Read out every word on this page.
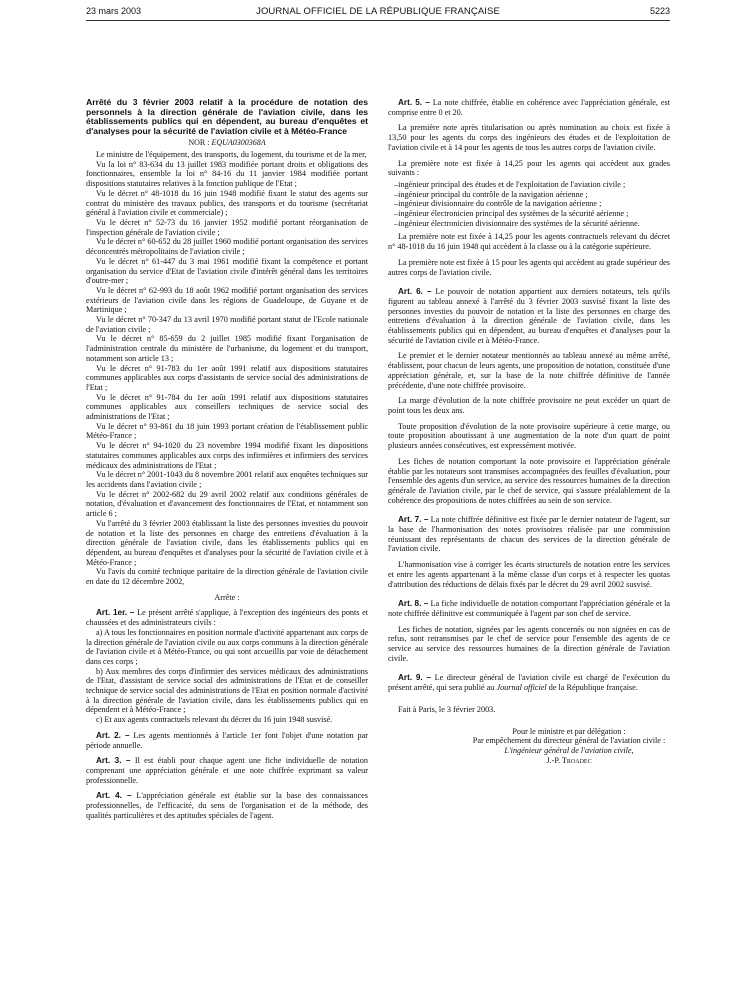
23 mars 2003	JOURNAL OFFICIEL DE LA RÉPUBLIQUE FRANÇAISE	5223

Arrêté du 3 février 2003 relatif à la procédure de notation des personnels à la direction générale de l'aviation civile, dans les établissements publics qui en dépendent, au bureau d'enquêtes et d'analyses pour la sécurité de l'aviation civile et à Météo-France

NOR : EQUA0300368A

Le ministre de l'équipement, des transports, du logement, du tourisme et de la mer,

Vu la loi n° 83-634 du 13 juillet 1983 modifiée portant droits et obligations des fonctionnaires, ensemble la loi n° 84-16 du 11 janvier 1984 modifiée portant dispositions statutaires relatives à la fonction publique de l'Etat ;

Vu le décret n° 48-1018 du 16 juin 1948 modifié fixant le statut des agents sur contrat du ministère des travaux publics, des transports et du tourisme (secrétariat général à l'aviation civile et commerciale) ;

Vu le décret n° 52-73 du 16 janvier 1952 modifié portant réorganisation de l'inspection générale de l'aviation civile ;

Vu le décret n° 60-652 du 28 juillet 1960 modifié portant organisation des services déconcentrés métropolitains de l'aviation civile ;

Vu le décret n° 61-447 du 3 mai 1961 modifié fixant la compétence et portant organisation du service d'Etat de l'aviation civile d'intérêt général dans les territoires d'outre-mer ;

Vu le décret n° 62-993 du 18 août 1962 modifié portant organisation des services extérieurs de l'aviation civile dans les régions de Guadeloupe, de Guyane et de Martinique ;

Vu le décret n° 70-347 du 13 avril 1970 modifié portant statut de l'Ecole nationale de l'aviation civile ;

Vu le décret n° 85-659 du 2 juillet 1985 modifié fixant l'organisation de l'administration centrale du ministère de l'urbanisme, du logement et du transport, notamment son article 13 ;

Vu le décret n° 91-783 du 1er août 1991 relatif aux dispositions statutaires communes applicables aux corps d'assistants de service social des administrations de l'Etat ;

Vu le décret n° 91-784 du 1er août 1991 relatif aux dispositions statutaires communes applicables aux conseillers techniques de service social des administrations de l'Etat ;

Vu le décret n° 93-861 du 18 juin 1993 portant création de l'établissement public Météo-France ;

Vu le décret n° 94-1020 du 23 novembre 1994 modifié fixant les dispositions statutaires communes applicables aux corps des infirmières et infirmiers des services médicaux des administrations de l'Etat ;

Vu le décret n° 2001-1043 du 8 novembre 2001 relatif aux enquêtes techniques sur les accidents dans l'aviation civile ;

Vu le décret n° 2002-682 du 29 avril 2002 relatif aux conditions générales de notation, d'évaluation et d'avancement des fonctionnaires de l'Etat, et notamment son article 6 ;

Vu l'arrêté du 3 février 2003 établissant la liste des personnes investies du pouvoir de notation et la liste des personnes en charge des entretiens d'évaluation à la direction générale de l'aviation civile, dans les établissements publics qui en dépendent, au bureau d'enquêtes et d'analyses pour la sécurité de l'aviation civile et à Météo-France ;

Vu l'avis du comité technique paritaire de la direction générale de l'aviation civile en date du 12 décembre 2002,

Arrête :

Art. 1er. – Le présent arrêté s'applique, à l'exception des ingénieurs des ponts et chaussées et des administrateurs civils :

a) A tous les fonctionnaires en position normale d'activité appartenant aux corps de la direction générale de l'aviation civile ou aux corps communs à la direction générale de l'aviation civile et à Météo-France, ou qui sont accueillis par voie de détachement dans ces corps ;

b) Aux membres des corps d'infirmier des services médicaux des administrations de l'Etat, d'assistant de service social des administrations de l'Etat et de conseiller technique de service social des administrations de l'Etat en position normale d'activité à la direction générale de l'aviation civile, dans les établissements publics qui en dépendent et à Météo-France ;

c) Et aux agents contractuels relevant du décret du 16 juin 1948 susvisé.

Art. 2. – Les agents mentionnés à l'article 1er font l'objet d'une notation par période annuelle.

Art. 3. – Il est établi pour chaque agent une fiche individuelle de notation comprenant une appréciation générale et une note chiffrée exprimant sa valeur professionnelle.

Art. 4. – L'appréciation générale est établie sur la base des connaissances professionnelles, de l'efficacité, du sens de l'organisation et de la méthode, des qualités particulières et des aptitudes spéciales de l'agent.

Art. 5. – La note chiffrée, établie en cohérence avec l'appréciation générale, est comprise entre 0 et 20.

La première note après titularisation ou après nomination au choix est fixée à 13,50 pour les agents du corps des ingénieurs des études et de l'exploitation de l'aviation civile et à 14 pour les agents de tous les autres corps de l'aviation civile.

La première note est fixée à 14,25 pour les agents qui accèdent aux grades suivants :

– ingénieur principal des études et de l'exploitation de l'aviation civile ;
– ingénieur principal du contrôle de la navigation aérienne ;
– ingénieur divisionnaire du contrôle de la navigation aérienne ;
– ingénieur électronicien principal des systèmes de la sécurité aérienne ;
– ingénieur électronicien divisionnaire des systèmes de la sécurité aérienne.

La première note est fixée à 14,25 pour les agents contractuels relevant du décret n° 48-1018 du 16 juin 1948 qui accèdent à la classe ou à la catégorie supérieure.

La première note est fixée à 15 pour les agents qui accèdent au grade supérieur des autres corps de l'aviation civile.

Art. 6. – Le pouvoir de notation appartient aux derniers notateurs, tels qu'ils figurent au tableau annexé à l'arrêté du 3 février 2003 susvisé fixant la liste des personnes investies du pouvoir de notation et la liste des personnes en charge des entretiens d'évaluation à la direction générale de l'aviation civile, dans les établissements publics qui en dépendent, au bureau d'enquêtes et d'analyses pour la sécurité de l'aviation civile et à Météo-France.

Le premier et le dernier notateur mentionnés au tableau annexé au même arrêté, établissent, pour chacun de leurs agents, une proposition de notation, constituée d'une appréciation générale, et, sur la base de la note chiffrée définitive de l'année précédente, d'une note chiffrée provisoire.

La marge d'évolution de la note chiffrée provisoire ne peut excéder un quart de point tous les deux ans.

Toute proposition d'évolution de la note provisoire supérieure à cette marge, ou toute proposition aboutissant à une augmentation de la note d'un quart de point plusieurs années consécutives, est expressément motivée.

Les fiches de notation comportant la note provisoire et l'appréciation générale établie par les notateurs sont transmises accompagnées des feuilles d'évaluation, pour l'ensemble des agents d'un service, au service des ressources humaines de la direction générale de l'aviation civile, par le chef de service, qui s'assure préalablement de la cohérence des propositions de notes chiffrées au sein de son service.

Art. 7. – La note chiffrée définitive est fixée par le dernier notateur de l'agent, sur la base de l'harmonisation des notes provisoires réalisée par une commission réunissant des représentants de chacun des services de la direction générale de l'aviation civile.

L'harmonisation vise à corriger les écarts structurels de notation entre les services et entre les agents appartenant à la même classe d'un corps et à respecter les quotas d'attribution des réductions de délais fixés par le décret du 29 avril 2002 susvisé.

Art. 8. – La fiche individuelle de notation comportant l'appréciation générale et la note chiffrée définitive est communiquée à l'agent par son chef de service.

Les fiches de notation, signées par les agents concernés ou non signées en cas de refus, sont retransmises par le chef de service pour l'ensemble des agents de ce service au service des ressources humaines de la direction générale de l'aviation civile.

Art. 9. – Le directeur général de l'aviation civile est chargé de l'exécution du présent arrêté, qui sera publié au Journal officiel de la République française.

Fait à Paris, le 3 février 2003.

Pour le ministre et par délégation :

Par empêchement du directeur général de l'aviation civile :

L'ingénieur général de l'aviation civile,

J.-P. Troadec
